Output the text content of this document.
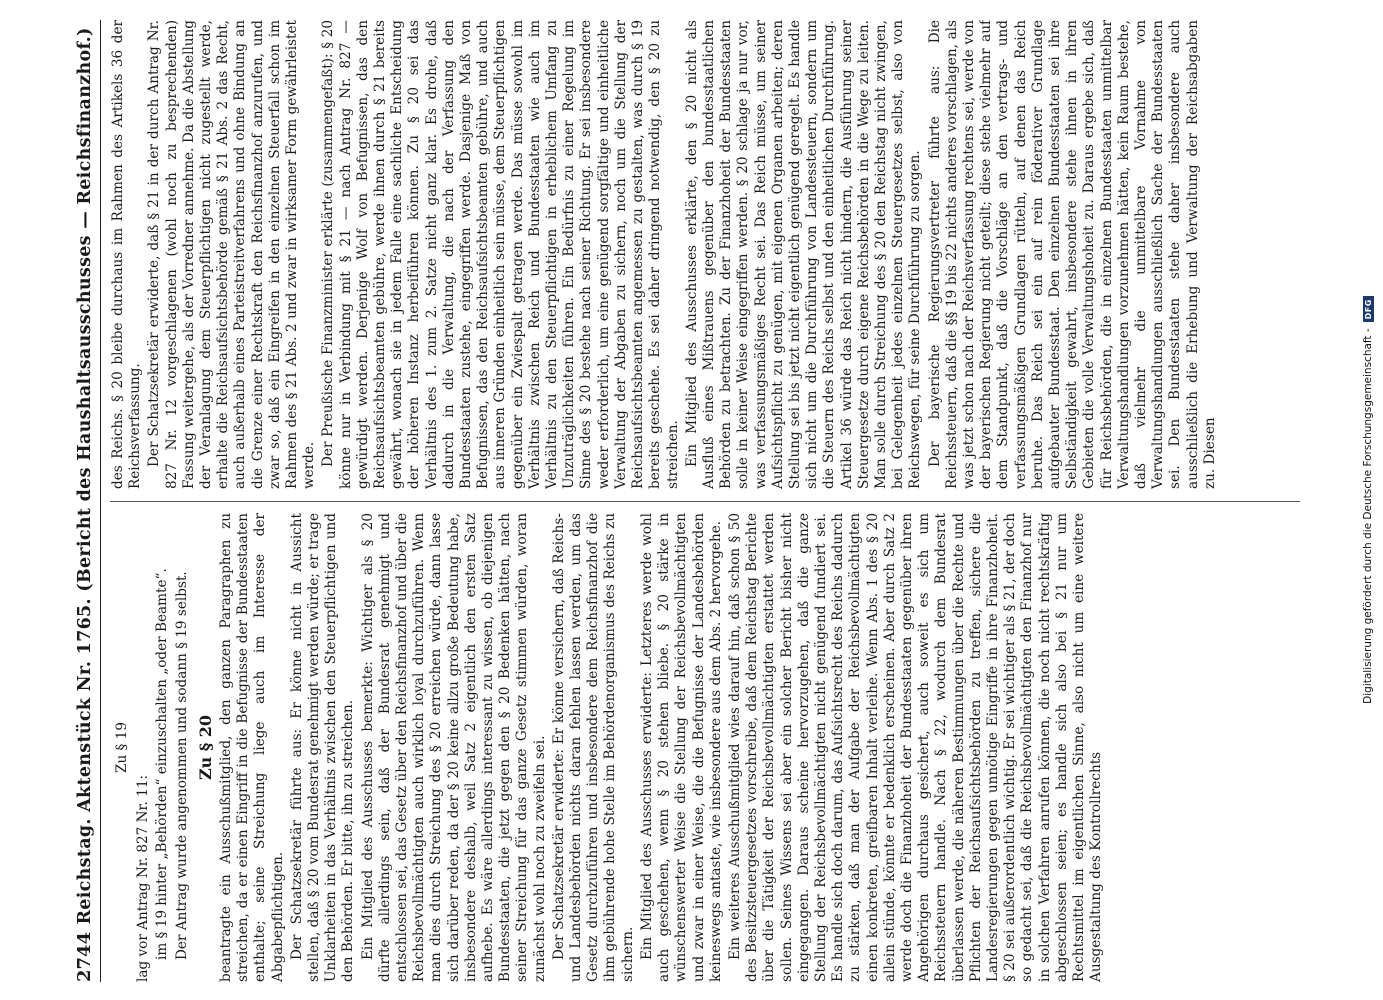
2744
Reichstag. Aktenstück Nr. 1765. (Bericht des Haushaltsausschusses — Reichsfinanzhof.) Zu § 19

lag vor Antrag Nr. 827 Nr. 11: im § 19 hinter „Behörden“ einzuschalten „oder Beamte“. Der Antrag wurde angenommen und sodann § 19 selbst. Zu § 20 beantragte ein Ausschußmitglied, den ganzen Paragraphen zu streichen, da er einen Eingriff in die Befugnisse der Bundesstaaten enthalte; seine Streichung liege auch im Interesse der Abgabepflichtigen. Der Schatzsekretär führte aus: Er könne nicht in Aussicht stellen, daß § 20 vom Bundesrat genehmigt werden würde; er trage Unklarheiten in das Verhältnis zwischen den Steuerpflichtigen und den Behörden. Er bitte, ihn zu streichen. Ein Mitglied des Ausschusses bemerkte: Wichtiger als § 20 dürfte allerdings sein, daß der Bundesrat genehmigt und entschlossen sei, das Gesetz über den Reichsfinanzhof und über die Reichsbevollmächtigten auch wirklich loyal durchzuführen. Wenn man dies durch Streichung des § 20 erreichen würde, dann lasse sich darüber reden, da der § 20 keine allzu große Bedeutung habe, insbesondere deshalb, weil Satz 2 eigentlich den ersten Satz aufhebe. Es wäre allerdings interessant zu wissen, ob diejenigen Bundesstaaten, die jetzt gegen den § 20 Bedenken hätten, nach seiner Streichung für das ganze Gesetz stimmen würden, woran zunächst wohl noch zu zweifeln sei. Der Schatzsekretär erwiderte: Er könne versichern, daß Reichs- und Landesbehörden nichts daran fehlen lassen werden, um das Gesetz durchzuführen und insbesondere dem Reichsfinanzhof die ihm gebührende hohe Stelle im Behördenorganismus des Reichs zu sichern. Ein Mitglied des Ausschusses erwiderte: Letzteres werde wohl auch geschehen, wenn § 20 stehen bliebe. § 20 stärke in wünschenswerter Weise die Stellung der Reichsbevollmächtigten und zwar in einer Weise, die die Befugnisse der Landesbehörden keineswegs antaste, wie insbesondere aus dem Abs. 2 hervorgehe. Ein weiteres Ausschußmitglied wies darauf hin, daß schon § 50 des Besitzsteuergesetzes vorschreibe, daß dem Reichstag Berichte über die Tätigkeit der Reichsbevollmächtigten erstattet werden sollen. Seines Wissens sei aber ein solcher Bericht bisher nicht eingegangen. Daraus scheine hervorzugehen, daß die ganze Stellung der Reichsbevollmächtigten nicht genügend fundiert sei. Es handle sich doch darum, das Aufsichtsrecht des Reichs dadurch zu stärken, daß man der Aufgabe der Reichsbevollmächtigten einen konkreten, greifbaren Inhalt verleihe. Wenn Abs. 1 des § 20 allein stünde, könnte er bedenklich erscheinen. Aber durch Satz 2 werde doch die Finanzhoheit der Bundesstaaten gegenüber ihren Angehörigen durchaus gesichert, auch soweit es sich um Reichssteuern handle. Nach § 22, wodurch dem Bundesrat überlassen werde, die näheren Bestimmungen über die Rechte und Pflichten der Reichsaufsichtsbehörden zu treffen, sichere die Landesregierungen gegen unnötige Eingriffe in ihre Finanzhoheit. § 20 sei außerordentlich wichtig. Er sei wichtiger als § 21, der doch so gedacht sei, daß die Reichsbevollmächtigten den Finanzhof nur in solchen Verfahren anrufen können, die noch nicht rechtskräftig abgeschlossen seien; es handle sich also bei § 21 nur um Rechtsmittel im eigentlichen Sinne, also nicht um eine weitere Ausgestaltung des Kontrollrechts

des Reichs. § 20 bleibe durchaus im Rahmen des Artikels 36 der Reichsverfassung. Der Schatzsekretär erwiderte, daß § 21 in der durch Antrag Nr. 827 Nr. 12 vorgeschlagenen (wohl noch zu besprechenden) Fassung weitergehe, als der Vorredner annehme. Da die Abstellung der Veranlagung dem Steuerpflichtigen nicht zugestellt werde, erhalte die Reichsaufsichtsbehörde gemäß § 21 Abs. 2 das Recht, auch außerhalb eines Parteistreitverfahrens und ohne Bindung an die Grenze einer Rechtskraft den Reichsfinanzhof anzurufen, und zwar so, daß ein Eingreifen in den einzelnen Steuerfall schon im Rahmen des § 21 Abs. 2 und zwar in wirksamer Form gewährleistet werde. Der Preußische Finanzminister erklärte (zusammengefaßt): § 20 könne nur in Verbindung mit § 21 — nach Antrag Nr. 827 — gewürdigt werden. Derjenige Wolf von Befugnissen, das den Reichsaufsichtsbeamten gebühre, werde ihnen durch § 21 bereits gewährt, wonach sie in jedem Falle eine sachliche Entscheidung der höheren Instanz herbeiführen können. Zu § 20 sei das Verhältnis des 1. zum 2. Satze nicht ganz klar. Es drohe, daß dadurch in die Verwaltung, die nach der Verfassung den Bundesstaaten zustehe, eingegriffen werde. Dasjenige Maß von Befugnissen, das den Reichsaufsichtsbeamten gebühre, und auch aus inneren Gründen einheitlich sein müsse, dem Steuerpflichtigen gegenüber ein Zwiespalt getragen werde. Das müsse sowohl im Verhältnis zwischen Reich und Bundesstaaten wie auch im Verhältnis zu den Steuerpflichtigen in erheblichem Umfang zu Unzuträglichkeiten führen. Ein Bedürfnis zu einer Regelung im Sinne des § 20 bestehe nach seiner Richtung. Er sei insbesondere weder erforderlich, um eine genügend sorgfältige und einheitliche Verwaltung der Abgaben zu sichern, noch um die Stellung der Reichsaufsichtsbeamten angemessen zu gestalten, was durch § 19 bereits geschehe. Es sei daher dringend notwendig, den § 20 zu streichen. Ein Mitglied des Ausschusses erklärte, den § 20 nicht als Ausfluß eines Mißtrauens gegenüber den bundesstaatlichen Behörden zu betrachten. Zu der Finanzhoheit der Bundesstaaten solle in keiner Weise eingegriffen werden. § 20 schlage ja nur vor, was verfassungsmäßiges Recht sei. Das Reich müsse, um seiner Aufsichtspflicht zu genügen, mit eigenen Organen arbeiten; deren Stellung sei bis jetzt nicht eigentlich genügend geregelt. Es handle sich nicht um die Durchführung von Landessteuern, sondern um die Steuern des Reichs selbst und den einheitlichen Durchführung. Artikel 36 würde das Reich nicht hindern, die Ausführung seiner Steuergesetze durch eigene Reichsbehörden in die Wege zu leiten. Man solle durch Streichung des § 20 den Reichstag nicht zwingen, bei Gelegenheit jedes einzelnen Steuergesetzes selbst, also von Reichswegen, für seine Durchführung zu sorgen. Der bayerische Regierungsvertreter führte aus: Die Reichssteuern, daß die §§ 19 bis 22 nichts anderes vorschlagen, als was jetzt schon nach der Reichsverfassung rechtens sei, werde von der bayerischen Regierung nicht geteilt; diese stehe vielmehr auf dem Standpunkt, daß die Vorschläge an den vertrags- und verfassungsmäßigen Grundlagen rütteln, auf denen das Reich beruhe. Das Reich sei ein auf rein föderativer Grundlage aufgebauter Bundesstaat. Den einzelnen Bundesstaaten sei ihre Selbständigkeit gewahrt, insbesondere stehe ihnen in ihren Gebieten die volle Verwaltungshoheit zu. Daraus ergebe sich, daß für Reichsbehörden, die in einzelnen Bundesstaaten unmittelbar Verwaltungshandlungen vorzunehmen hätten, kein Raum bestehe, daß vielmehr die unmittelbare Vornahme von Verwaltungshandlungen ausschließlich Sache der Bundesstaaten sei. Den Bundesstaaten stehe daher insbesondere auch ausschließlich die Erhebung und Verwaltung der Reichsabgaben zu. Diesen	Digitalisierung gefördert durch die Deutsche Forschungsgemeinschaft -
DFG
